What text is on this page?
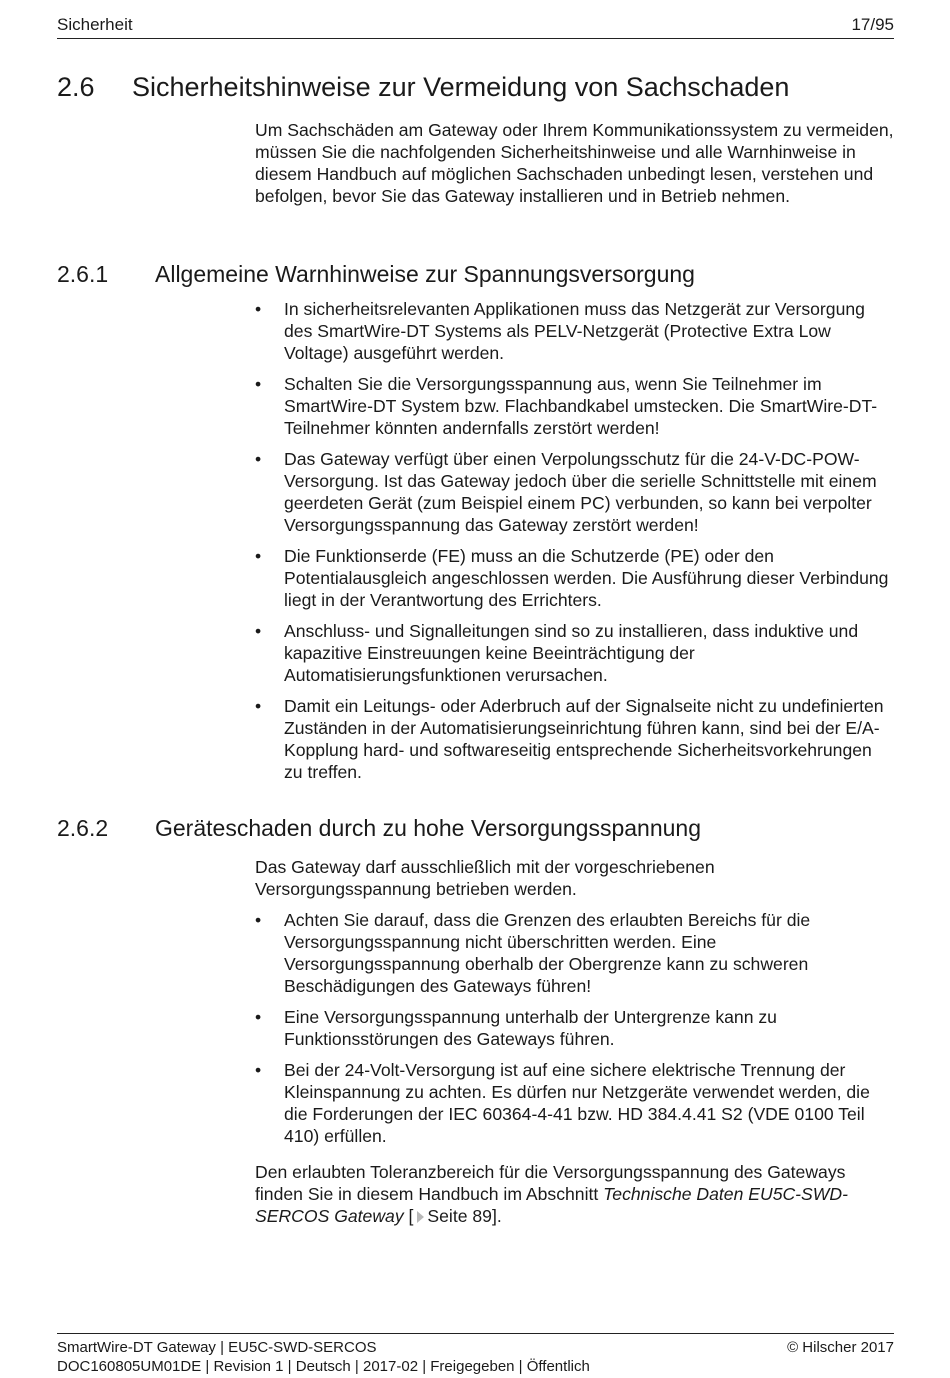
Sicherheit	17/95
2.6 Sicherheitshinweise zur Vermeidung von Sachschaden

Um Sachschäden am Gateway oder Ihrem Kommunikationssystem zu vermeiden, müssen Sie die nachfolgenden Sicherheitshinweise und alle Warnhinweise in diesem Handbuch auf möglichen Sachschaden unbedingt lesen, verstehen und befolgen, bevor Sie das Gateway installieren und in Betrieb nehmen.

2.6.1 Allgemeine Warnhinweise zur Spannungsversorgung
•	In sicherheitsrelevanten Applikationen muss das Netzgerät zur Versorgung des SmartWire-DT Systems als PELV-Netzgerät (Protective Extra Low Voltage) ausgeführt werden.
•	Schalten Sie die Versorgungsspannung aus, wenn Sie Teilnehmer im SmartWire-DT System bzw. Flachbandkabel umstecken. Die SmartWire-DT-Teilnehmer könnten andernfalls zerstört werden!
•	Das Gateway verfügt über einen Verpolungsschutz für die 24-V-DC-POW-Versorgung. Ist das Gateway jedoch über die serielle Schnittstelle mit einem geerdeten Gerät (zum Beispiel einem PC) verbunden, so kann bei verpolter Versorgungsspannung das Gateway zerstört werden!
•	Die Funktionserde (FE) muss an die Schutzerde (PE) oder den Potentialausgleich angeschlossen werden. Die Ausführung dieser Verbindung liegt in der Verantwortung des Errichters.
•	Anschluss- und Signalleitungen sind so zu installieren, dass induktive und kapazitive Einstreuungen keine Beeinträchtigung der Automatisierungsfunktionen verursachen.
•	Damit ein Leitungs- oder Aderbruch auf der Signalseite nicht zu undefinierten Zuständen in der Automatisierungseinrichtung führen kann, sind bei der E/A-Kopplung hard- und softwareseitig entsprechende Sicherheitsvorkehrungen zu treffen.
2.6.2 Geräteschaden durch zu hohe Versorgungsspannung

Das Gateway darf ausschließlich mit der vorgeschriebenen Versorgungsspannung betrieben werden.

•	Achten Sie darauf, dass die Grenzen des erlaubten Bereichs für die Versorgungsspannung nicht überschritten werden. Eine Versorgungsspannung oberhalb der Obergrenze kann zu schweren Beschädigungen des Gateways führen!
•	Eine Versorgungsspannung unterhalb der Untergrenze kann zu Funktionsstörungen des Gateways führen.
•	Bei der 24-Volt-Versorgung ist auf eine sichere elektrische Trennung der Kleinspannung zu achten. Es dürfen nur Netzgeräte verwendet werden, die die Forderungen der IEC 60364-4-41 bzw. HD 384.4.41 S2 (VDE 0100 Teil 410) erfüllen.

Den erlaubten Toleranzbereich für die Versorgungsspannung des Gateways finden Sie in diesem Handbuch im Abschnitt Technische Daten EU5C-SWD-SERCOS Gateway [ Seite 89].

SmartWire-DT Gateway | EU5C-SWD-SERCOS	© Hilscher 2017
DOC160805UM01DE | Revision 1 | Deutsch | 2017-02 | Freigegeben | Öffentlich
